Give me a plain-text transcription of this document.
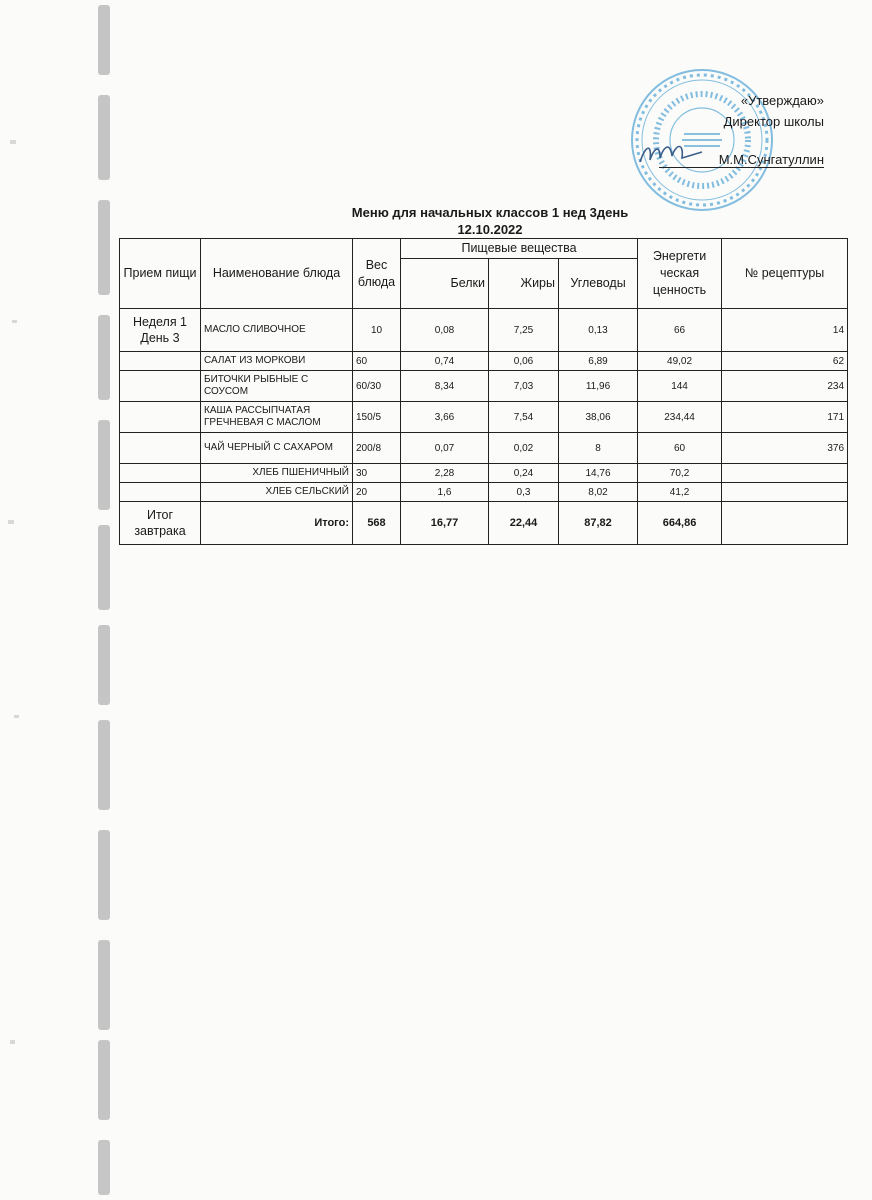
«Утверждаю»
Директор школы
М.М.Сунгатуллин
Меню для начальных классов 1 нед 3день
12.10.2022
Прием пищи	Наименование блюда	Вес блюда	Пищевые вещества			Энергети ческая ценность	№ рецептуры
			Белки	Жиры	Углеводы		
Неделя 1 День 3	МАСЛО СЛИВОЧНОЕ	10	0,08	7,25	0,13	66	14
	САЛАТ ИЗ МОРКОВИ	60	0,74	0,06	6,89	49,02	62
	БИТОЧКИ РЫБНЫЕ С СОУСОМ	60/30	8,34	7,03	11,96	144	234
	КАША РАССЫПЧАТАЯ ГРЕЧНЕВАЯ С МАСЛОМ	150/5	3,66	7,54	38,06	234,44	171
	ЧАЙ ЧЕРНЫЙ С САХАРОМ	200/8	0,07	0,02	8	60	376
	ХЛЕБ ПШЕНИЧНЫЙ	30	2,28	0,24	14,76	70,2	
	ХЛЕБ СЕЛЬСКИЙ	20	1,6	0,3	8,02	41,2	
Итог завтрака	Итого:	568	16,77	22,44	87,82	664,86	
